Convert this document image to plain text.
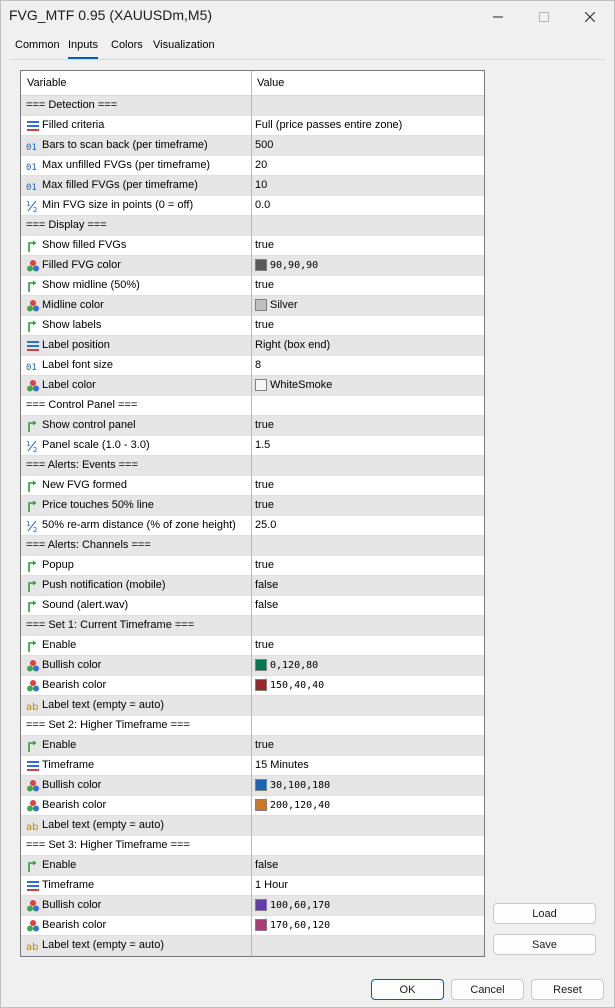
FVG_MTF 0.95 (XAUUSDm,M5)
Common Inputs Colors Visualization
Variable	Value
=== Detection ===
Filled criteria	Full (price passes entire zone)
01 Bars to scan back (per timeframe)	500
01 Max unfilled FVGs (per timeframe)	20
01 Max filled FVGs (per timeframe)	10
1
2 Min FVG size in points (0 = off)	0.0
=== Display ===
Show filled FVGs	true
Filled FVG color	90,90,90
Show midline (50%)	true
Midline color	Silver
Show labels	true
Label position	Right (box end)
01 Label font size	8
Label color	WhiteSmoke
=== Control Panel ===
Show control panel	true
1
2 Panel scale (1.0 - 3.0)	1.5
=== Alerts: Events ===
New FVG formed	true
Price touches 50% line	true
1
2 50% re-arm distance (% of zone height) 25.0
=== Alerts: Channels ===
Popup	true
Push notification (mobile)	false
Sound (alert.wav)	false
=== Set 1: Current Timeframe ===
Enable	true
Bullish color	0,120,80
Bearish color	150,40,40
ab Label text (empty = auto)
=== Set 2: Higher Timeframe ===
Enable	true
Timeframe	15 Minutes
Bullish color	30,100,180
Bearish color	200,120,40
ab Label text (empty = auto)
=== Set 3: Higher Timeframe ===
Enable	false
Timeframe	1 Hour
Bullish color	100,60,170
Bearish color	170,60,120
ab Label text (empty = auto)
Load
Save
OK	Cancel	Reset
